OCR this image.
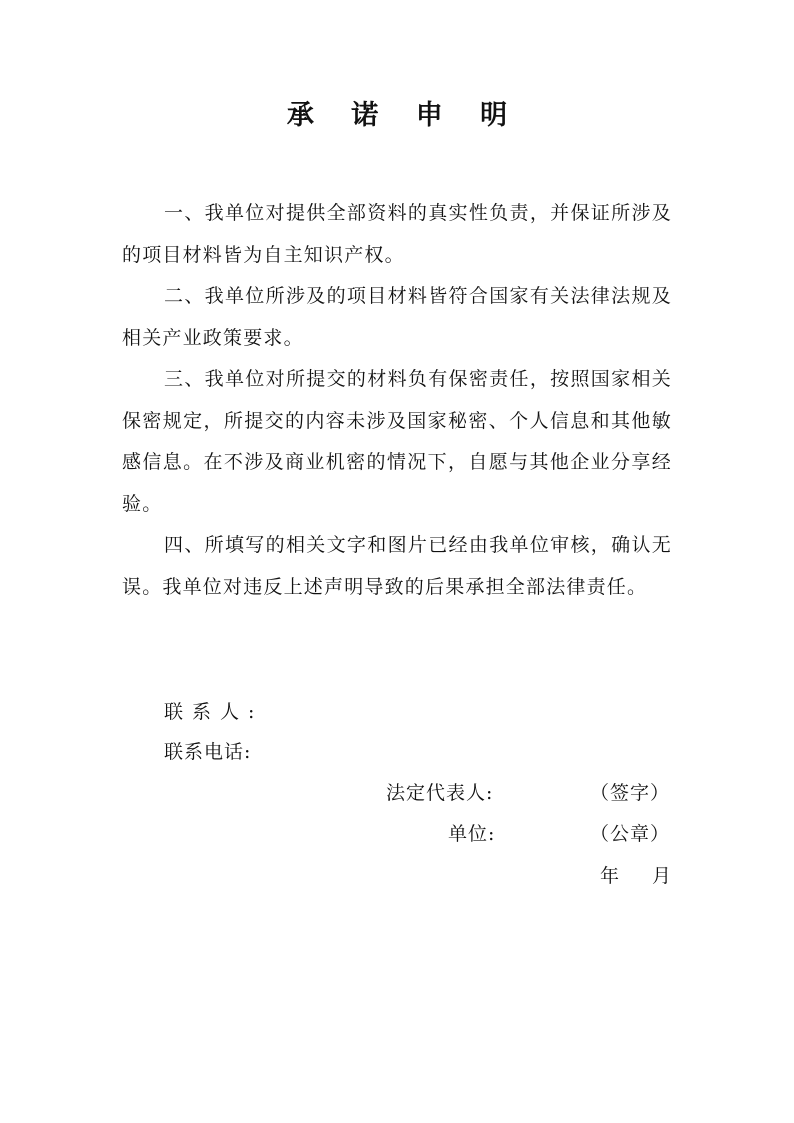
承 诺 申 明

一、我单位对提供全部资料的真实性负责，并保证所涉及的项目材料皆为自主知识产权。

二、我单位所涉及的项目材料皆符合国家有关法律法规及相关产业政策要求。

三、我单位对所提交的材料负有保密责任，按照国家相关保密规定，所提交的内容未涉及国家秘密、个人信息和其他敏感信息。在不涉及商业机密的情况下，自愿与其他企业分享经验。

四、所填写的相关文字和图片已经由我单位审核，确认无误。我单位对违反上述声明导致的后果承担全部法律责任。

联系人:
联系电话:
法定代表人:	（签字）
单位:	（公章）
年 月
